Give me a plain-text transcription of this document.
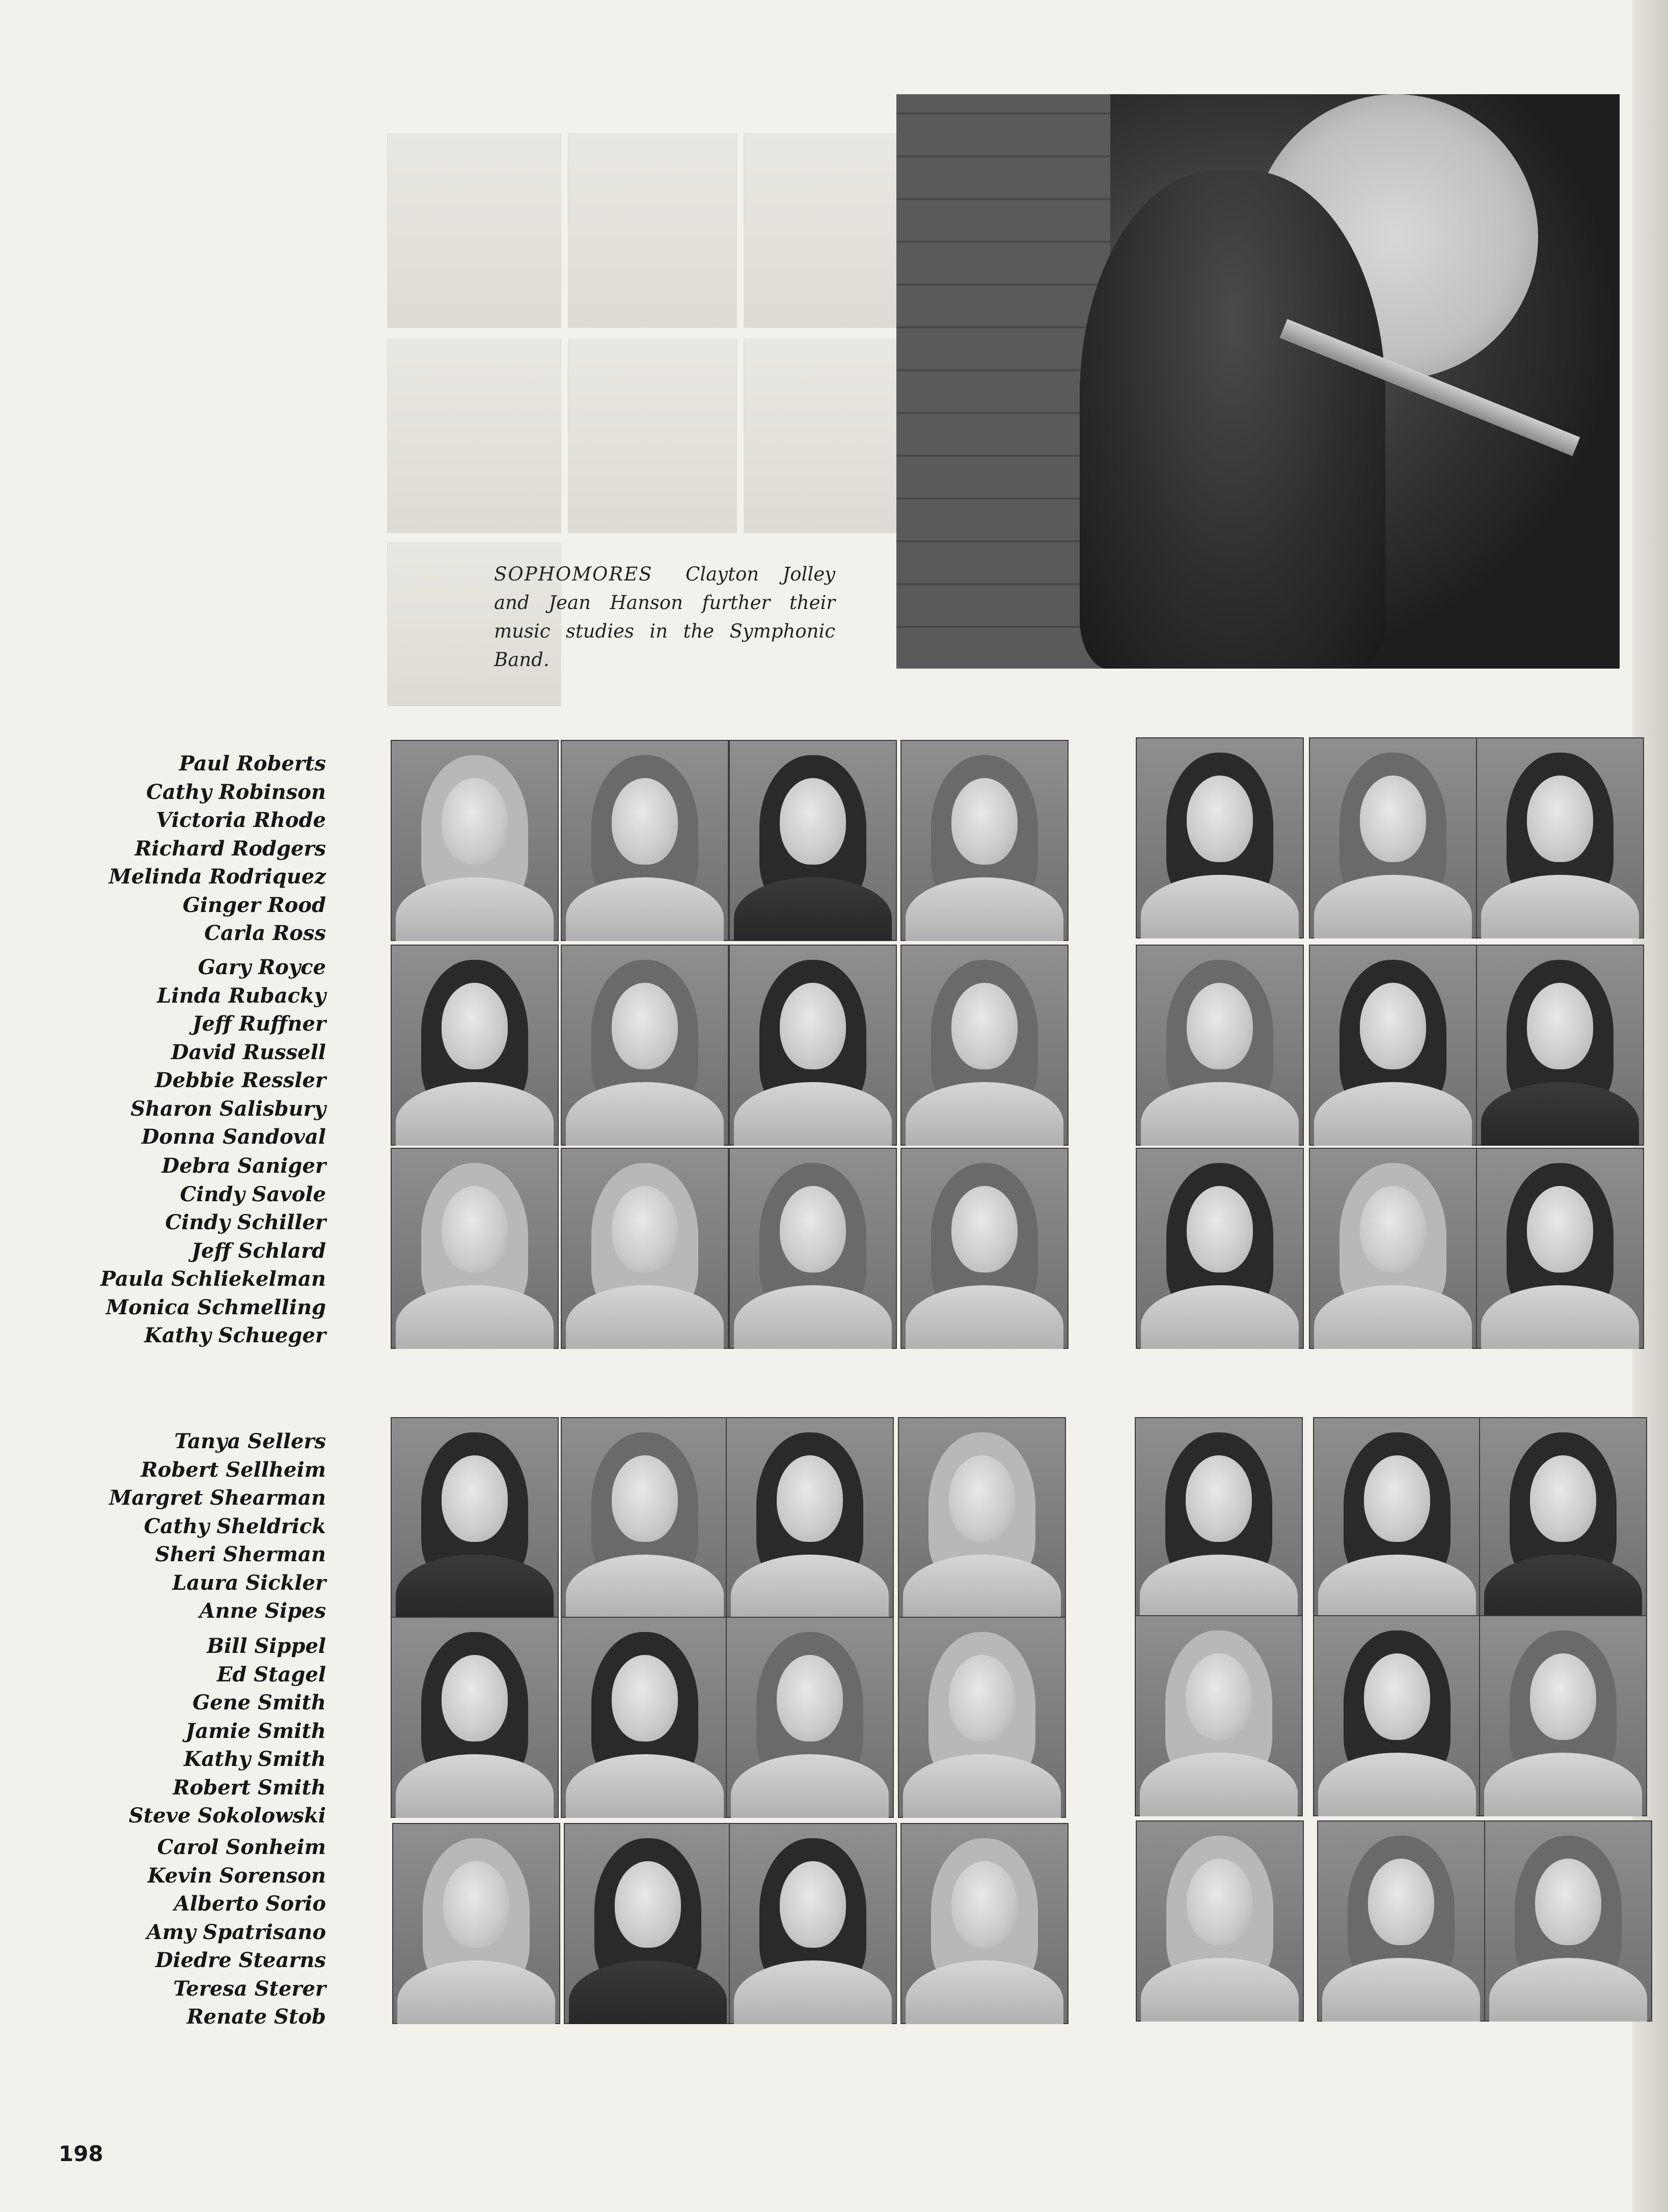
SOPHOMORES Clayton Jolley and Jean Hanson further their music studies in the Symphonic Band.
Paul Roberts
Cathy Robinson
Victoria Rhode
Richard Rodgers
Melinda Rodriquez
Ginger Rood
Carla Ross
Gary Royce
Linda Rubacky
Jeff Ruffner
David Russell
Debbie Ressler
Sharon Salisbury
Donna Sandoval
Debra Saniger
Cindy Savole
Cindy Schiller
Jeff Schlard
Paula Schliekelman
Monica Schmelling
Kathy Schueger
Tanya Sellers
Robert Sellheim
Margret Shearman
Cathy Sheldrick
Sheri Sherman
Laura Sickler
Anne Sipes
Bill Sippel
Ed Stagel
Gene Smith
Jamie Smith
Kathy Smith
Robert Smith
Steve Sokolowski
Carol Sonheim
Kevin Sorenson
Alberto Sorio
Amy Spatrisano
Diedre Stearns
Teresa Sterer
Renate Stob
198
